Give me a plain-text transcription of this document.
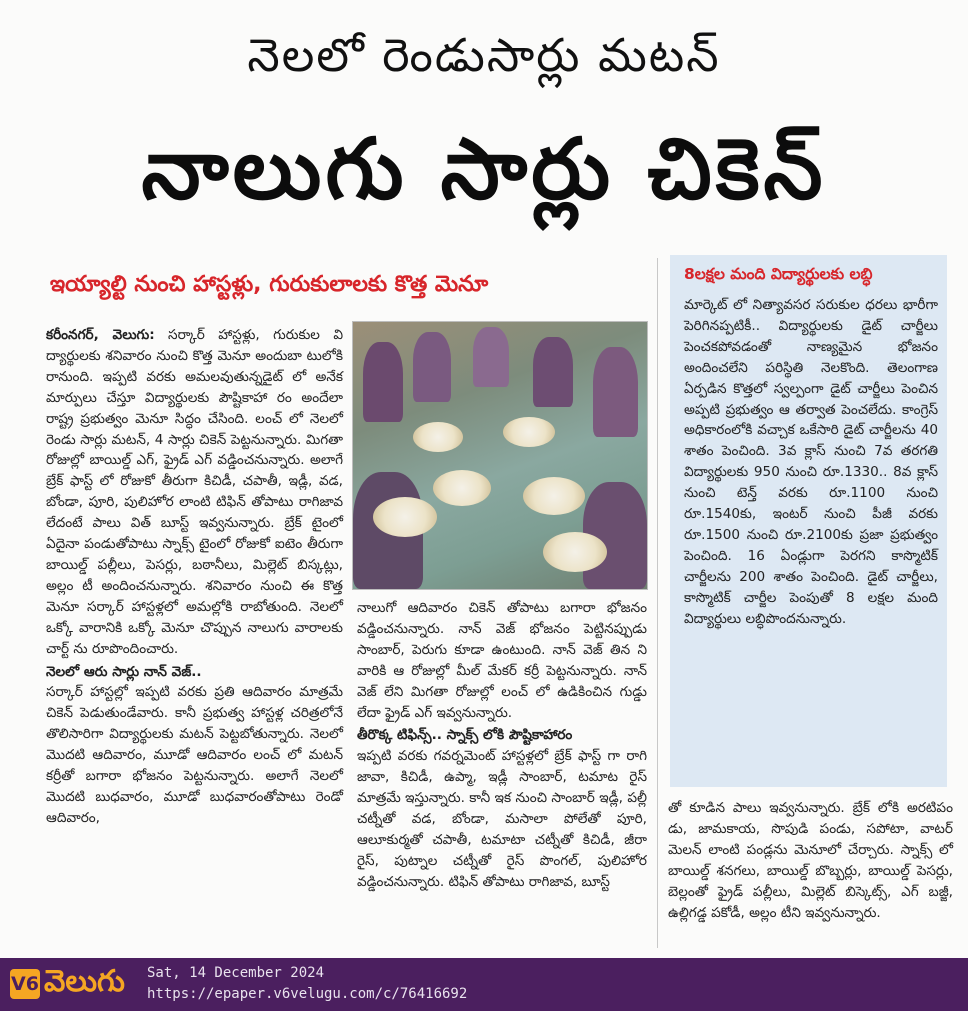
నెలలో రెండుసార్లు మటన్
నాలుగు సార్లు చికెన్
ఇయ్యాల్టి నుంచి హాస్టళ్లు, గురుకులాలకు కొత్త మెనూ

కరీంనగర్, వెలుగు: సర్కార్ హాస్టళ్లు, గురుకుల వి ద్యార్థులకు శనివారం నుంచి కొత్త మెనూ అందుబా టులోకి రానుంది. ఇప్పటి వరకు అమలవుతున్నడైట్ లో అనేక మార్పులు చేస్తూ విద్యార్థులకు పౌష్టికాహా రం అందేలా రాష్ట్ర ప్రభుత్వం మెనూ సిద్ధం చేసింది. లంచ్ లో నెలలో రెండు సార్లు మటన్, 4 సార్లు చికెన్ పెట్టనున్నారు. మిగతా రోజుల్లో బాయిల్డ్ ఎగ్, ఫ్రైడ్ ఎగ్ వడ్డించనున్నారు. అలాగే బ్రేక్ ఫాస్ట్ లో రోజుకో తీరుగా కిచిడీ, చపాతీ, ఇడ్లీ, వడ, బోండా, పూరి, పులిహోర లాంటి టిఫిన్ తోపాటు రాగిజావ లేదంటే పాలు విత్ బూస్ట్ ఇవ్వనున్నారు. బ్రేక్ టైంలో ఏదైనా పండుతోపాటు స్నాక్స్ టైంలో రోజుకో ఐటెం తీరుగా బాయిల్డ్ పల్లీలు, పెసర్లు, బఠానీలు, మిల్లెట్ బిస్కట్లు, అల్లం టీ అందించనున్నారు. శనివారం నుంచి ఈ కొత్త మెనూ సర్కార్ హాస్టళ్లలో అమల్లోకి రాబోతుంది. నెలలో ఒక్కో వారానికి ఒక్కో మెనూ చొప్పున నాలుగు వారాలకు చార్ట్ ను రూపొందించారు.

నెలలో ఆరు సార్లు నాన్ వెజ్..

సర్కార్ హాస్టల్లో ఇప్పటి వరకు ప్రతి ఆదివారం మాత్రమే చికెన్ పెడుతుండేవారు. కానీ ప్రభుత్వ హాస్టళ్ల చరిత్రలోనే తొలిసారిగా విద్యార్థులకు మటన్ పెట్టబోతున్నారు. నెలలో మొదటి ఆదివారం, మూడో ఆదివారం లంచ్ లో మటన్ కర్రీతో బగారా భోజనం పెట్టనున్నారు. అలాగే నెలలో మొదటి బుధవారం, మూడో బుధవారంతోపాటు రెండో ఆదివారం,

నాలుగో ఆదివారం చికెన్ తోపాటు బగారా భోజనం వడ్డించనున్నారు. నాన్ వెజ్ భోజనం పెట్టినప్పుడు సాంబార్, పెరుగు కూడా ఉంటుంది. నాన్ వెజ్ తిన ని వారికి ఆ రోజుల్లో మీల్ మేకర్ కర్రీ పెట్టనున్నారు. నాన్ వెజ్ లేని మిగతా రోజుల్లో లంచ్ లో ఉడికించిన గుడ్డు లేదా ఫ్రైడ్ ఎగ్ ఇవ్వనున్నారు.

తీరొక్క టిఫిన్స్.. స్నాక్స్ లోకి పౌష్టికాహారం

ఇప్పటి వరకు గవర్నమెంట్ హాస్టళ్లలో బ్రేక్ ఫాస్ట్ గా రాగి జావా, కిచిడీ, ఉప్మా, ఇడ్లీ సాంబార్, టమాట రైస్ మాత్రమే ఇస్తున్నారు. కానీ ఇక నుంచి సాంబార్ ఇడ్లీ, పల్లీ చట్నీతో వడ, బోండా, మసాలా పోలేతో పూరి, ఆలూకుర్మతో చపాతీ, టమాటా చట్నీతో కిచిడీ, జీరా రైస్, పుట్నాల చట్నీతో రైస్ పొంగల్, పులిహోర వడ్డించనున్నారు. టిఫిన్ తోపాటు రాగిజావ, బూస్ట్

8లక్షల మంది విద్యార్థులకు లబ్ధి

మార్కెట్ లో నిత్యావసర సరుకుల ధరలు భారీగా పెరిగినప్పటికీ.. విద్యార్థులకు డైట్ చార్జీలు పెంచకపోవడంతో నాణ్యమైన భోజనం అందించలేని పరిస్థితి నెలకొంది. తెలంగాణ ఏర్పడిన కొత్తలో స్వల్పంగా డైట్ చార్జీలు పెంచిన అప్పటి ప్రభుత్వం ఆ తర్వాత పెంచలేదు. కాంగ్రెస్ అధికారంలోకి వచ్చాక ఒకేసారి డైట్ చార్జీలను 40 శాతం పెంచింది. 3వ క్లాస్ నుంచి 7వ తరగతి విద్యార్థులకు 950 నుంచి రూ.1330.. 8వ క్లాస్ నుంచి టెన్త్ వరకు రూ.1100 నుంచి రూ.1540కు, ఇంటర్ నుంచి పీజీ వరకు రూ.1500 నుంచి రూ.2100కు ప్రజా ప్రభుత్వం పెంచింది. 16 ఏండ్లుగా పెరగని కాస్మొటిక్ చార్జీలను 200 శాతం పెంచింది. డైట్ చార్జీలు, కాస్మొటిక్ చార్జీల పెంపుతో 8 లక్షల మంది విద్యార్థులు లబ్ధిపొందనున్నారు.

తో కూడిన పాలు ఇవ్వనున్నారు. బ్రేక్ లోకి అరటిపం డు, జామకాయ, సొపుడి పండు, సపోటా, వాటర్ మెలన్ లాంటి పండ్లను మెనూలో చేర్చారు. స్నాక్స్ లో బాయిల్డ్ శనగలు, బాయిల్డ్ బొబ్బర్లు, బాయిల్డ్ పెసర్లు, బెల్లంతో ఫ్రైడ్ పల్లీలు, మిల్లెట్ బిస్కెట్స్, ఎగ్ బజ్జీ, ఉల్లిగడ్డ పకోడీ, అల్లం టీని ఇవ్వనున్నారు.

V6 వెలుగు Sat, 14 December 2024
https://epaper.v6velugu.com/c/76416692
